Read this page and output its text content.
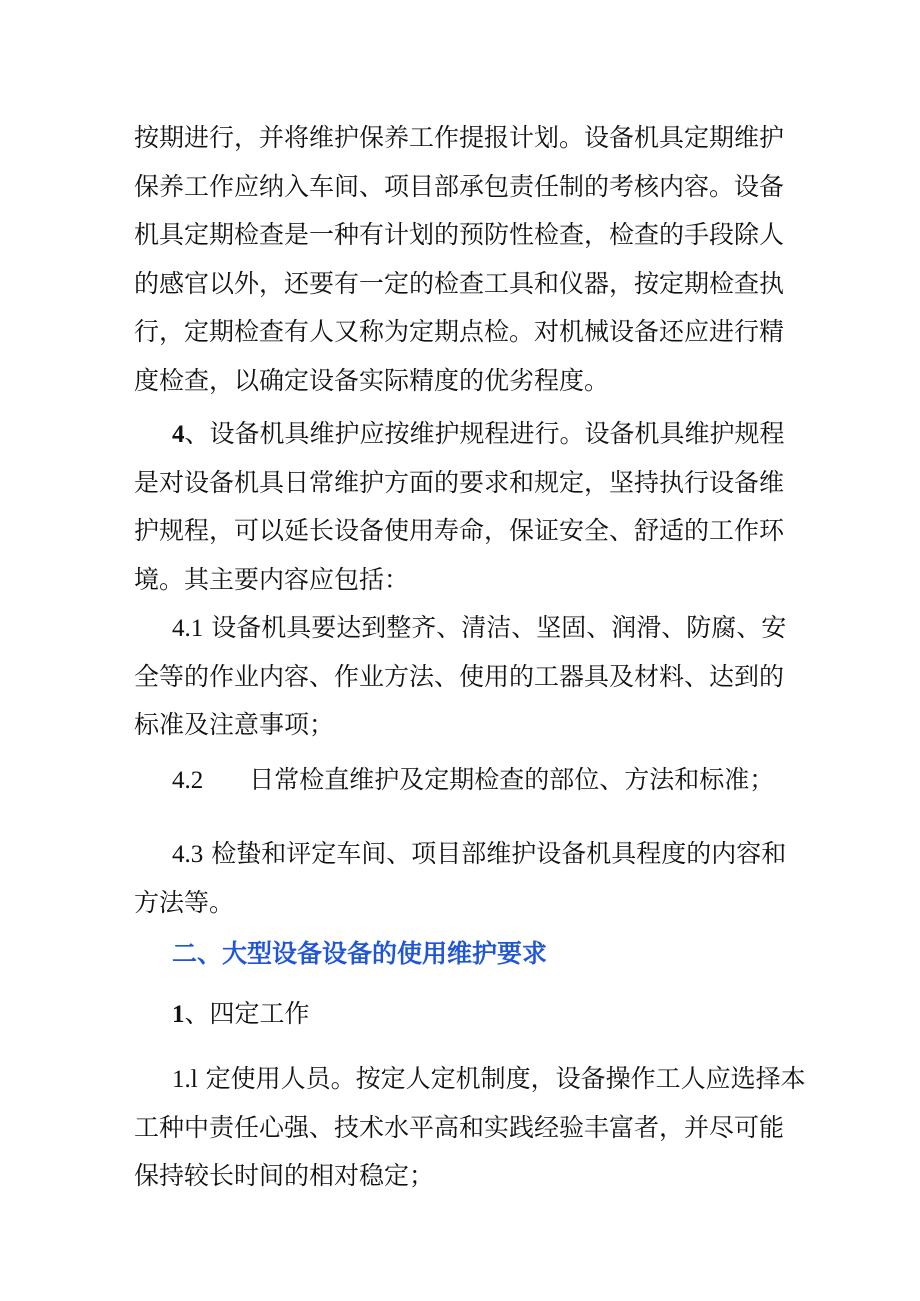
按期进行，并将维护保养工作提报计划。设备机具定期维护
保养工作应纳入车间、项目部承包责任制的考核内容。设备
机具定期检查是一种有计划的预防性检查，检查的手段除人
的感官以外，还要有一定的检查工具和仪器，按定期检查执
行，定期检查有人又称为定期点检。对机械设备还应进行精
度检查，以确定设备实际精度的优劣程度。
4、设备机具维护应按维护规程进行。设备机具维护规程
是对设备机具日常维护方面的要求和规定，坚持执行设备维
护规程，可以延长设备使用寿命，保证安全、舒适的工作环
境。其主要内容应包括：
4.1 设备机具要达到整齐、清洁、坚固、润滑、防腐、安
全等的作业内容、作业方法、使用的工器具及材料、达到的
标准及注意事项；
4.2 日常检直维护及定期检查的部位、方法和标准；
4.3 检蛰和评定车间、项目部维护设备机具程度的内容和
方法等。
二、大型设备设备的使用维护要求
1、四定工作
1.l 定使用人员。按定人定机制度，设备操作工人应选择本
工种中责任心强、技术水平高和实践经验丰富者，并尽可能
保持较长时间的相对稳定；
